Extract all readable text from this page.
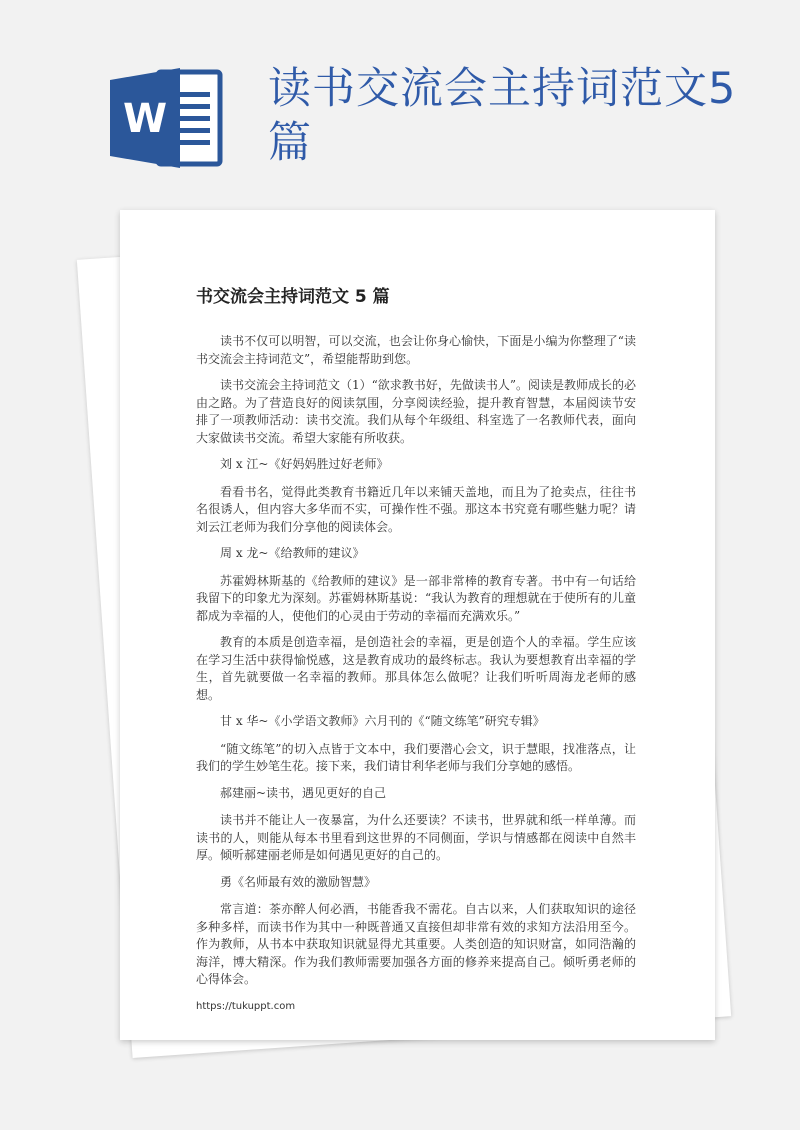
W
读书交流会主持词范文5篇
书交流会主持词范文 5 篇

读书不仅可以明智，可以交流，也会让你身心愉快，下面是小编为你整理了“读书交流会主持词范文”，希望能帮助到您。

读书交流会主持词范文（1）“欲求教书好，先做读书人”。阅读是教师成长的必由之路。为了营造良好的阅读氛围，分享阅读经验，提升教育智慧，本届阅读节安排了一项教师活动：读书交流。我们从每个年级组、科室选了一名教师代表，面向大家做读书交流。希望大家能有所收获。

刘 x 江~《好妈妈胜过好老师》

看看书名，觉得此类教育书籍近几年以来铺天盖地，而且为了抢卖点，往往书名很诱人，但内容大多华而不实，可操作性不强。那这本书究竟有哪些魅力呢？请刘云江老师为我们分享他的阅读体会。

周 x 龙~《给教师的建议》

苏霍姆林斯基的《给教师的建议》是一部非常棒的教育专著。书中有一句话给我留下的印象尤为深刻。苏霍姆林斯基说：“我认为教育的理想就在于使所有的儿童都成为幸福的人，使他们的心灵由于劳动的幸福而充满欢乐。”

教育的本质是创造幸福，是创造社会的幸福，更是创造个人的幸福。学生应该在学习生活中获得愉悦感，这是教育成功的最终标志。我认为要想教育出幸福的学生，首先就要做一名幸福的教师。那具体怎么做呢？让我们听听周海龙老师的感想。

甘 x 华~《小学语文教师》六月刊的《“随文练笔”研究专辑》

“随文练笔”的切入点皆于文本中，我们要潜心会文，识于慧眼，找准落点，让我们的学生妙笔生花。接下来，我们请甘利华老师与我们分享她的感悟。

郝建丽~读书，遇见更好的自己

读书并不能让人一夜暴富，为什么还要读？不读书，世界就和纸一样单薄。而读书的人，则能从每本书里看到这世界的不同侧面，学识与情感都在阅读中自然丰厚。倾听郝建丽老师是如何遇见更好的自己的。

勇《名师最有效的激励智慧》

常言道：茶亦醉人何必酒，书能香我不需花。自古以来，人们获取知识的途径多种多样，而读书作为其中一种既普通又直接但却非常有效的求知方法沿用至今。作为教师，从书本中获取知识就显得尤其重要。人类创造的知识财富，如同浩瀚的海洋，博大精深。作为我们教师需要加强各方面的修养来提高自己。倾听勇老师的心得体会。

https://tukuppt.com
